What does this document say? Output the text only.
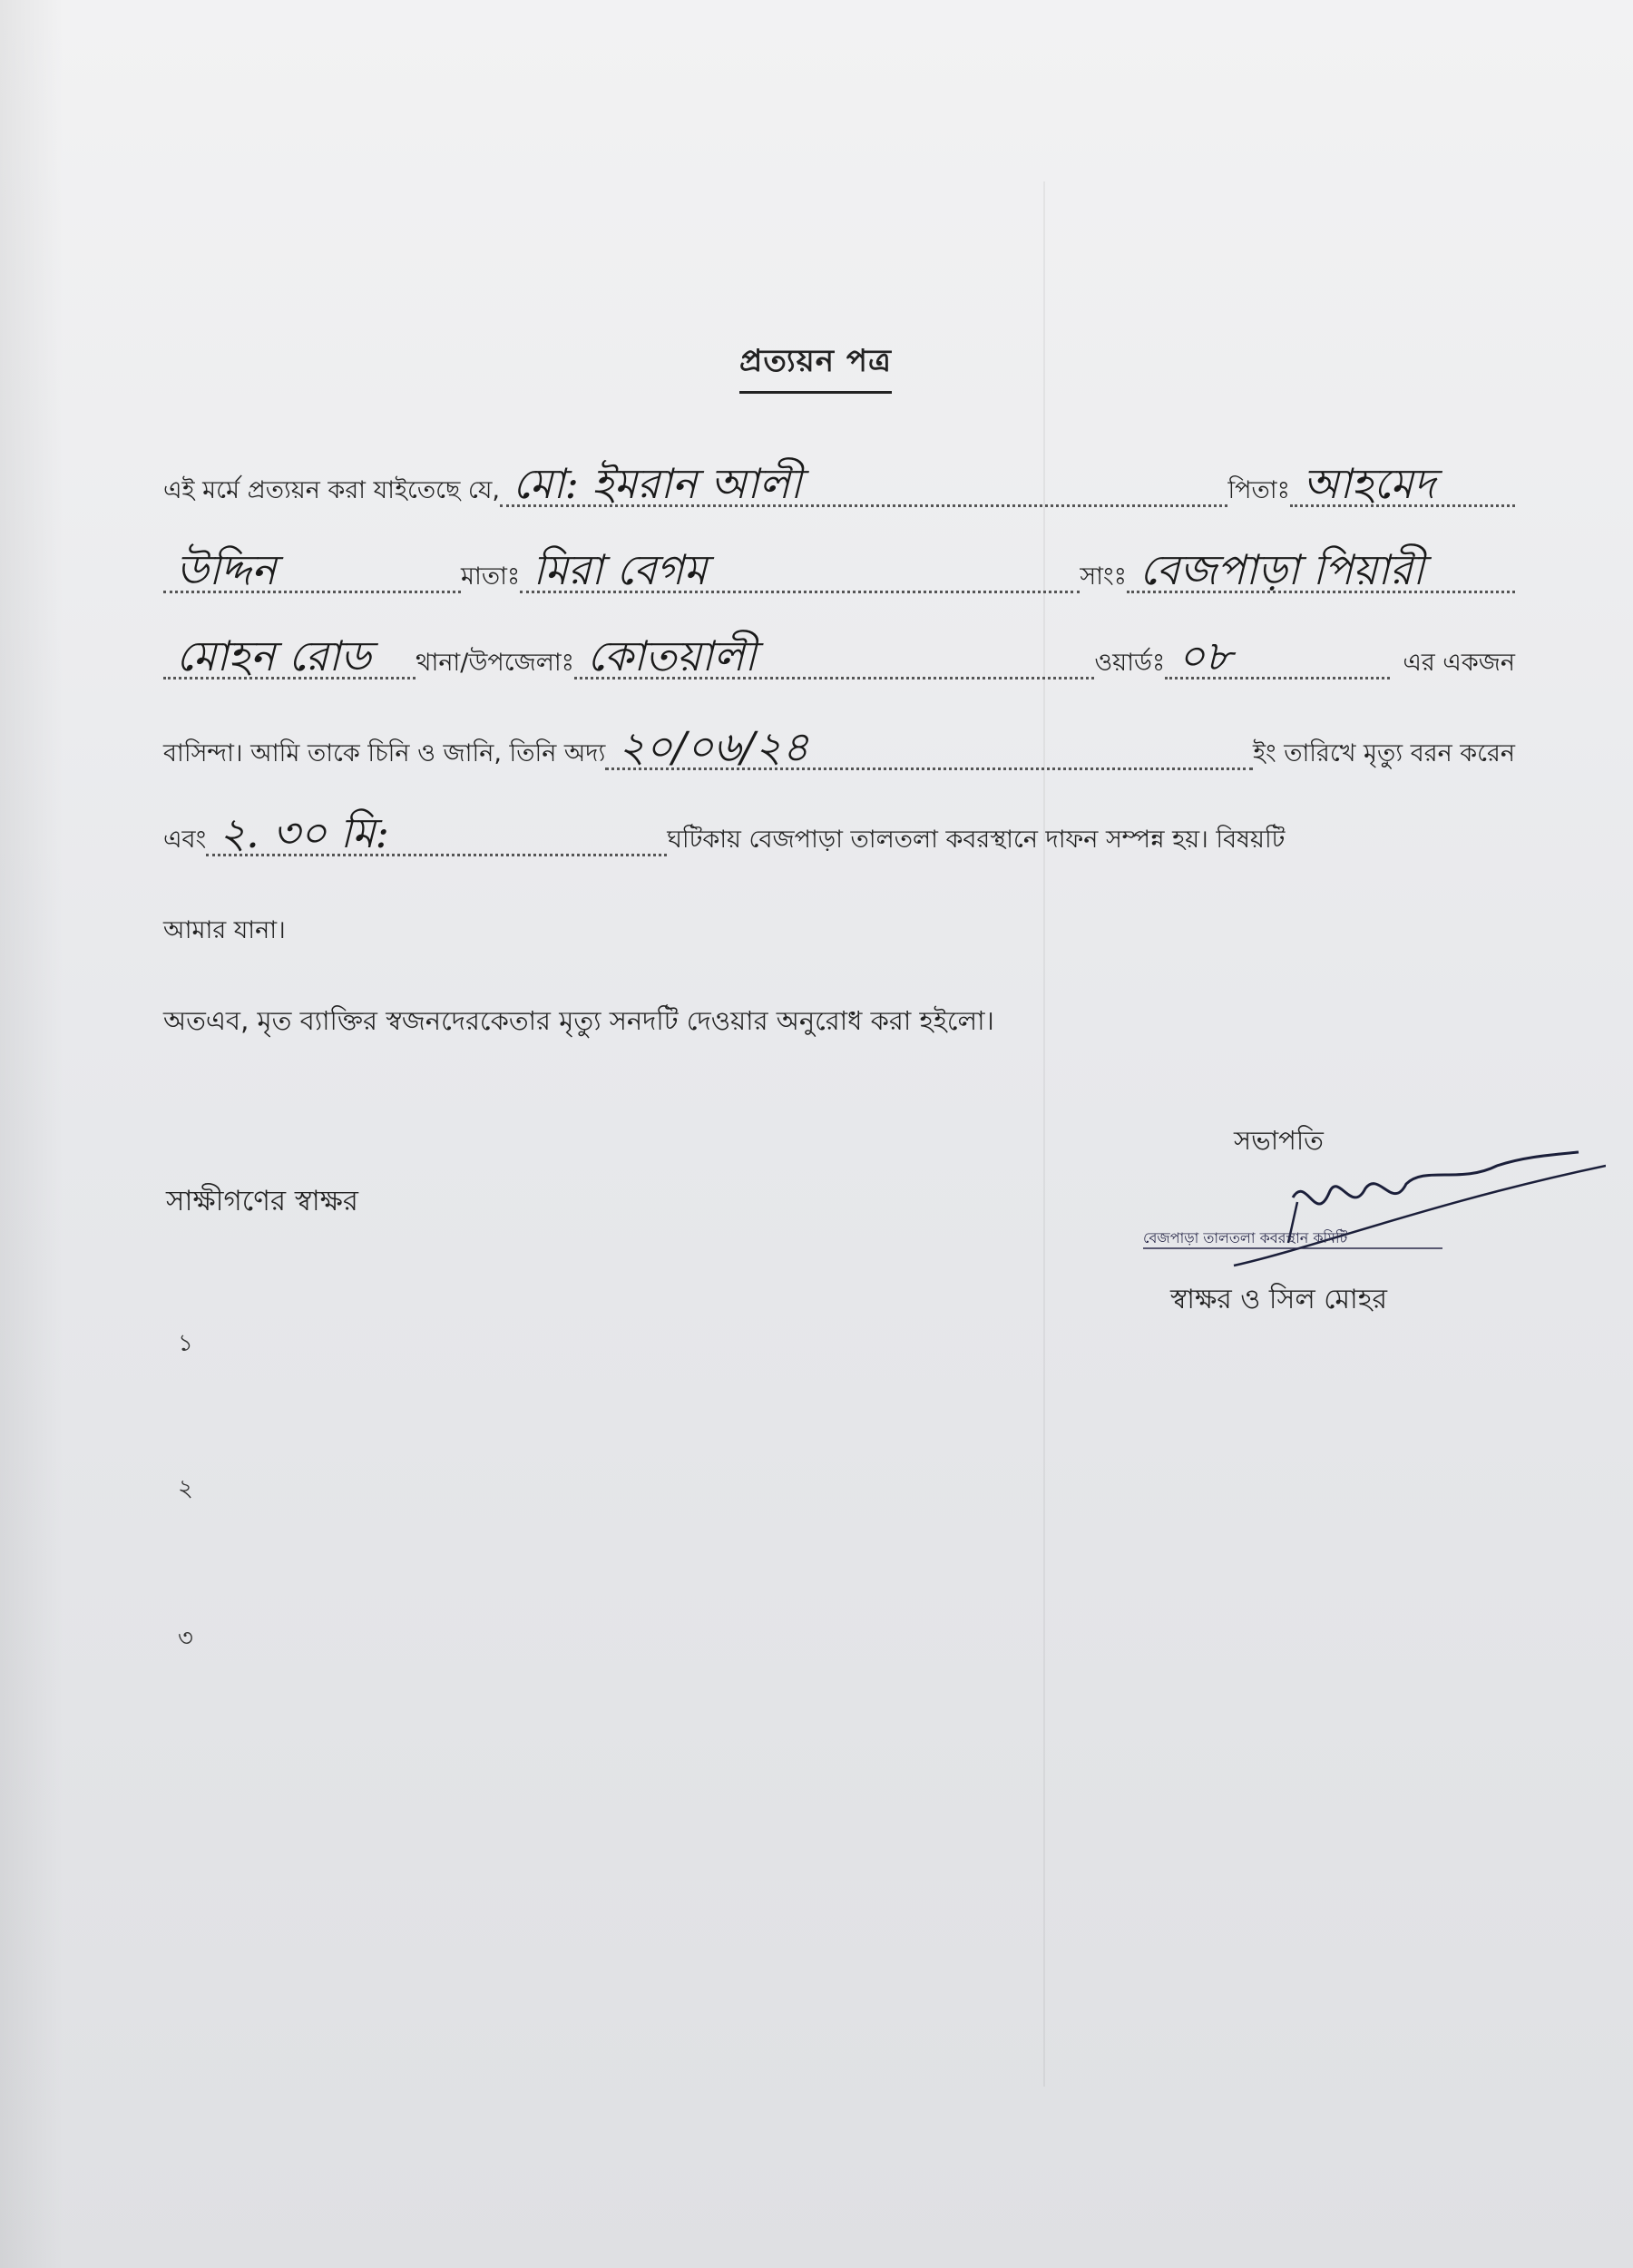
প্রত্যয়ন পত্র
এই মর্মে প্রত্যয়ন করা যাইতেছে যে, মো: ইমরান আলী	পিতাঃ আহমেদ
উদ্দিন	মাতাঃ মিরা বেগম	সাংঃ বেজপাড়া পিয়ারী
মোহন রোড	থানা/উপজেলাঃ কোতয়ালী	ওয়ার্ডঃ ০৮	এর একজন
বাসিন্দা। আমি তাকে চিনি ও জানি, তিনি অদ্য ২০/০৬/২৪	ইং তারিখে মৃত্যু বরন করেন
এবং ২. ৩০ মি:	ঘটিকায় বেজপাড়া তালতলা কবরস্থানে দাফন সম্পন্ন হয়। বিষয়টি
আমার যানা।
অতএব, মৃত ব্যাক্তির স্বজনদেরকেতার মৃত্যু সনদটি দেওয়ার অনুরোধ করা হইলো।
সভাপতি
বেজপাড়া তালতলা কবরস্থান কমিটি
স্বাক্ষর ও সিল মোহর
সাক্ষীগণের স্বাক্ষর
১
২
৩
